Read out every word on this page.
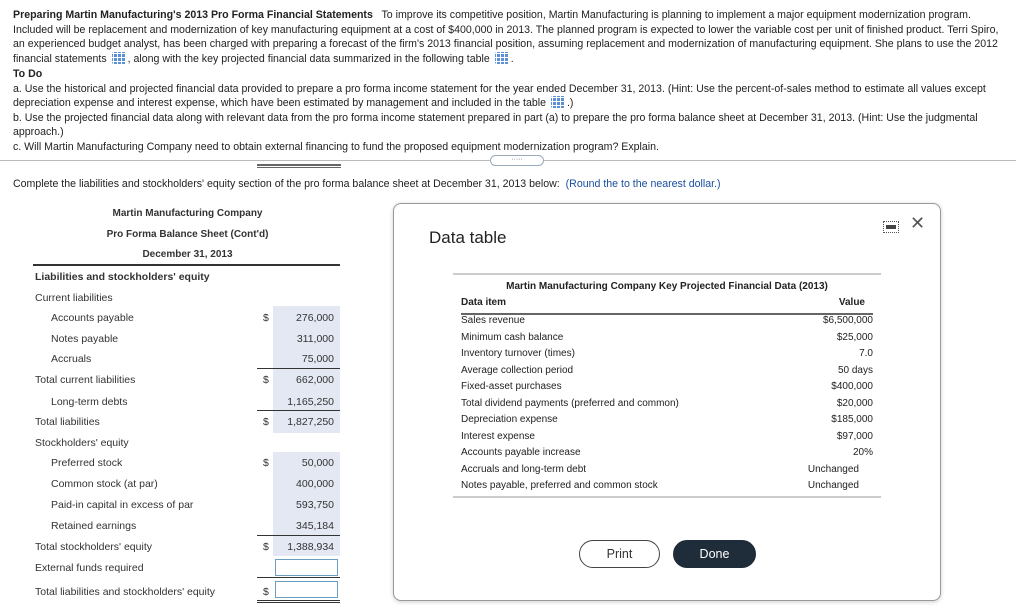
Preparing Martin Manufacturing's 2013 Pro Forma Financial Statements To improve its competitive position, Martin Manufacturing is planning to implement a major equipment modernization program. Included will be replacement and modernization of key manufacturing equipment at a cost of $400,000 in 2013. The planned program is expected to lower the variable cost per unit of finished product. Terri Spiro, an experienced budget analyst, has been charged with preparing a forecast of the firm's 2013 financial position, assuming replacement and modernization of manufacturing equipment. She plans to use the 2012 financial statements , along with the key projected financial data summarized in the following table .
To Do
a. Use the historical and projected financial data provided to prepare a pro forma income statement for the year ended December 31, 2013. (Hint: Use the percent-of-sales method to estimate all values except depreciation expense and interest expense, which have been estimated by management and included in the table .)
b. Use the projected financial data along with relevant data from the pro forma income statement prepared in part (a) to prepare the pro forma balance sheet at December 31, 2013. (Hint: Use the judgmental approach.)
c. Will Martin Manufacturing Company need to obtain external financing to fund the proposed equipment modernization program? Explain.
·····
Complete the liabilities and stockholders' equity section of the pro forma balance sheet at December 31, 2013 below: (Round the to the nearest dollar.)
Martin Manufacturing Company
Pro Forma Balance Sheet (Cont'd)
December 31, 2013
Liabilities and stockholders' equity
Current liabilities
Accounts payable	$	276,000
Notes payable	311,000
Accruals	75,000
Total current liabilities	$	662,000
Long-term debts	1,165,250
Total liabilities	$ 1,827,250
Stockholders' equity
Preferred stock	$	50,000
Common stock (at par)	400,000
Paid-in capital in excess of par	593,750
Retained earnings	345,184
Total stockholders' equity	$ 1,388,934
External funds required
Total liabilities and stockholders' equity	$
Data table
✕
Martin Manufacturing Company Key Projected Financial Data (2013)
Data item	Value
Sales revenue	$6,500,000
Minimum cash balance	$25,000
Inventory turnover (times)	7.0
Average collection period	50 days
Fixed-asset purchases	$400,000
Total dividend payments (preferred and common)	$20,000
Depreciation expense	$185,000
Interest expense	$97,000
Accounts payable increase	20%
Accruals and long-term debt	Unchanged
Notes payable, preferred and common stock	Unchanged
Print	Done
